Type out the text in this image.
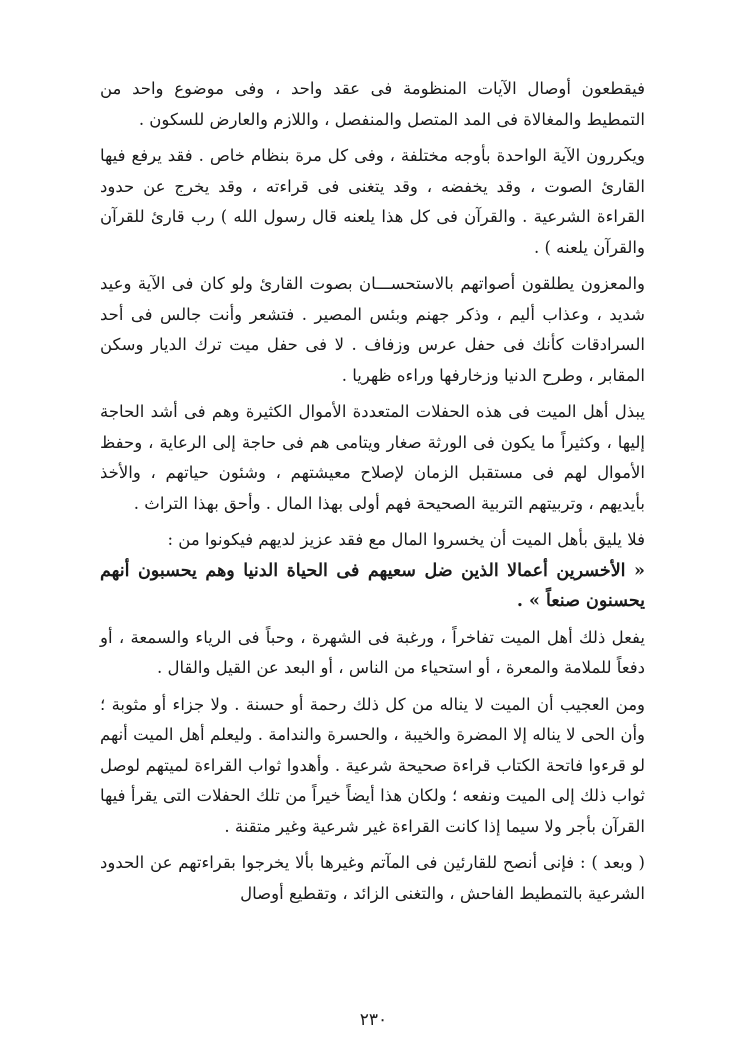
فيقطعون أوصال الآيات المنظومة فى عقد واحد ، وفى موضوع واحد من التمطيط والمغالاة فى المد المتصل والمنفصل ، واللازم والعارض للسكون .

ويكررون الآية الواحدة بأوجه مختلفة ، وفى كل مرة بنظام خاص . فقد يرفع فيها القارئ الصوت ، وقد يخفضه ، وقد يتغنى فى قراءته ، وقد يخرج عن حدود القراءة الشرعية . والقرآن فى كل هذا يلعنه قال رسول الله ) رب قارئ للقرآن والقرآن يلعنه ) .

والمعزون يطلقون أصواتهم بالاستحســـان بصوت القارئ ولو كان فى الآية وعيد شديد ، وعذاب أليم ، وذكر جهنم وبئس المصير . فتشعر وأنت جالس فى أحد السرادقات كأنك فى حفل عرس وزفاف . لا فى حفل ميت ترك الديار وسكن المقابر ، وطرح الدنيا وزخارفها وراءه ظهريا .

يبذل أهل الميت فى هذه الحفلات المتعددة الأموال الكثيرة وهم فى أشد الحاجة إليها ، وكثيراً ما يكون فى الورثة صغار ويتامى هم فى حاجة إلى الرعاية ، وحفظ الأموال لهم فى مستقبل الزمان لإصلاح معيشتهم ، وشئون حياتهم ، والأخذ بأيديهم ، وتربيتهم التربية الصحيحة فهم أولى بهذا المال . وأحق بهذا التراث .

فلا يليق بأهل الميت أن يخسروا المال مع فقد عزيز لديهم فيكونوا من :

« الأخسرين أعمالا الذين ضل سعيهم فى الحياة الدنيا وهم يحسبون أنهم يحسنون صنعاً » .

يفعل ذلك أهل الميت تفاخراً ، ورغبة فى الشهرة ، وحباً فى الرياء والسمعة ، أو دفعاً للملامة والمعرة ، أو استحياء من الناس ، أو البعد عن القيل والقال .

ومن العجيب أن الميت لا يناله من كل ذلك رحمة أو حسنة . ولا جزاء أو مثوبة ؛ وأن الحى لا يناله إلا المضرة والخيبة ، والحسرة والندامة . وليعلم أهل الميت أنهم لو قرءوا فاتحة الكتاب قراءة صحيحة شرعية . وأهدوا ثواب القراءة لميتهم لوصل ثواب ذلك إلى الميت ونفعه ؛ ولكان هذا أيضاً خيراً من تلك الحفلات التى يقرأ فيها القرآن بأجر ولا سيما إذا كانت القراءة غير شرعية وغير متقنة .

( وبعد ) : فإنى أنصح للقارئين فى المآتم وغيرها بألا يخرجوا بقراءتهم عن الحدود الشرعية بالتمطيط الفاحش ، والتغنى الزائد ، وتقطيع أوصال

٢٣٠
